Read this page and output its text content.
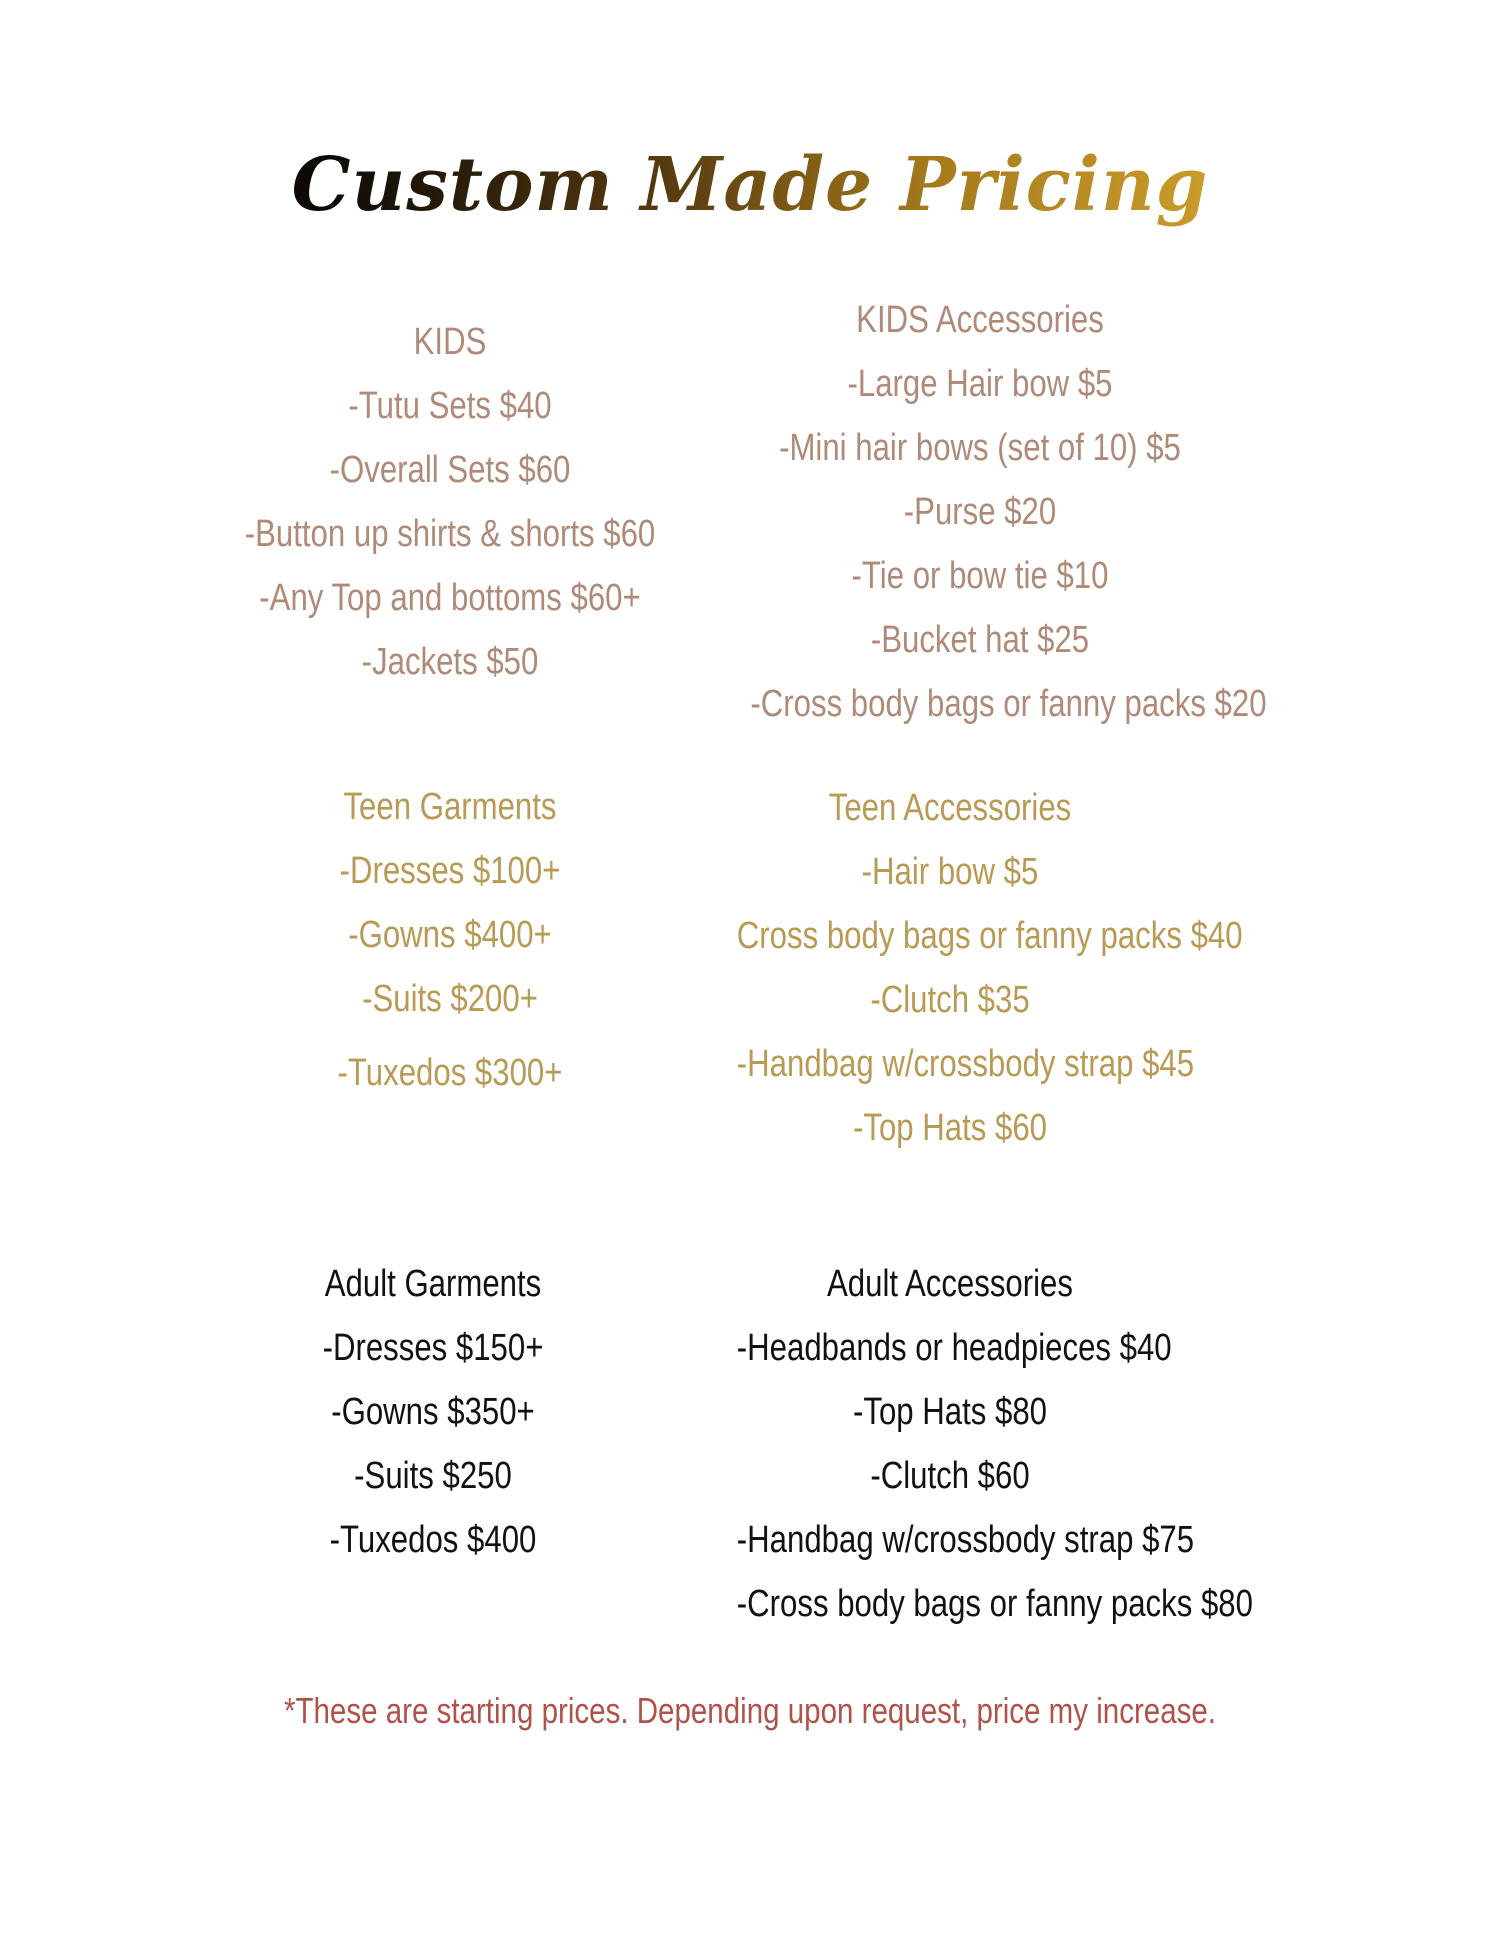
Custom Made Pricing
KIDS
-Tutu Sets $40
-Overall Sets $60
-Button up shirts & shorts $60
-Any Top and bottoms $60+
-Jackets $50
KIDS Accessories
-Large Hair bow $5
-Mini hair bows (set of 10) $5
-Purse $20
-Tie or bow tie $10
-Bucket hat $25
-Cross body bags or fanny packs $20
Teen Garments
-Dresses $100+
-Gowns $400+
-Suits $200+
-Tuxedos $300+
Teen Accessories
-Hair bow $5
Cross body bags or fanny packs $40
-Clutch $35
-Handbag w/crossbody strap $45
-Top Hats $60
Adult Garments
-Dresses $150+
-Gowns $350+
-Suits $250
-Tuxedos $400
Adult Accessories
-Headbands or headpieces $40
-Top Hats $80
-Clutch $60
-Handbag w/crossbody strap $75
-Cross body bags or fanny packs $80
*These are starting prices. Depending upon request, price my increase.
